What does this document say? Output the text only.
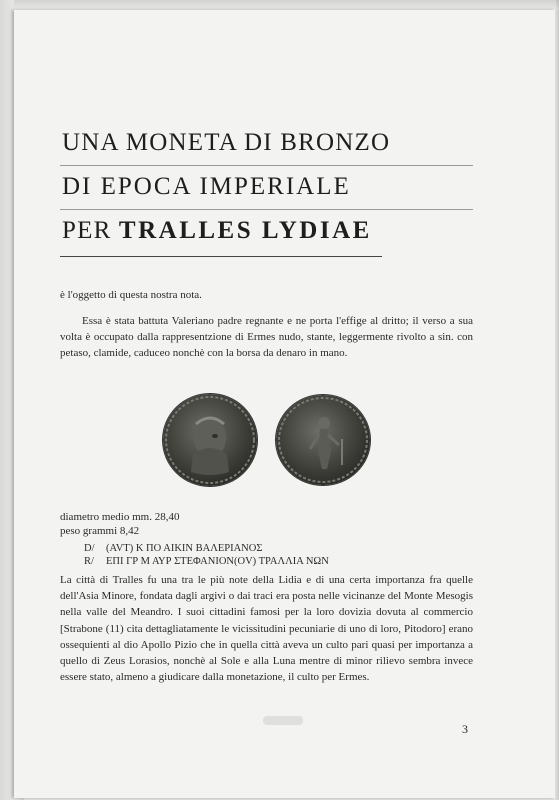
UNA MONETA DI BRONZO
DI EPOCA IMPERIALE
PER TRALLES LYDIAE
è l'oggetto di questa nostra nota.
Essa è stata battuta Valeriano padre regnante e ne porta l'effige al dritto; il verso a sua volta è occupato dalla rappresentzione di Ermes nudo, stante, leggermente rivolto a sin. con petaso, clamide, caduceo nonchè con la borsa da denaro in mano.
diametro medio mm. 28,40
peso grammi 8,42
D/ (AVT) K ΠΟ ΑΙΚΙΝ ΒΑΛΕΡΙΑΝΟΣ
R/ ΕΠΙ ΓΡ Μ ΑΥΡ ΣΤΕΦΑΝΙΟΝ(ΟV) ΤΡΑΛΛΙΑ ΝΩΝ
La città di Tralles fu una tra le più note della Lidia e di una certa importanza fra quelle dell'Asia Minore, fondata dagli argivi o dai traci era posta nelle vicinanze del Monte Mesogis nella valle del Meandro. I suoi cittadini famosi per la loro dovizia dovuta al commercio [Strabone (11) cita dettagliatamente le vicissitudini pecuniarie di uno di loro, Pitodoro] erano ossequienti al dio Apollo Pizio che in quella città aveva un culto pari quasi per importanza a quello di Zeus Lorasios, nonchè al Sole e alla Luna mentre di minor rilievo sembra invece essere stato, almeno a giudicare dalla monetazione, il culto per Ermes.
3
